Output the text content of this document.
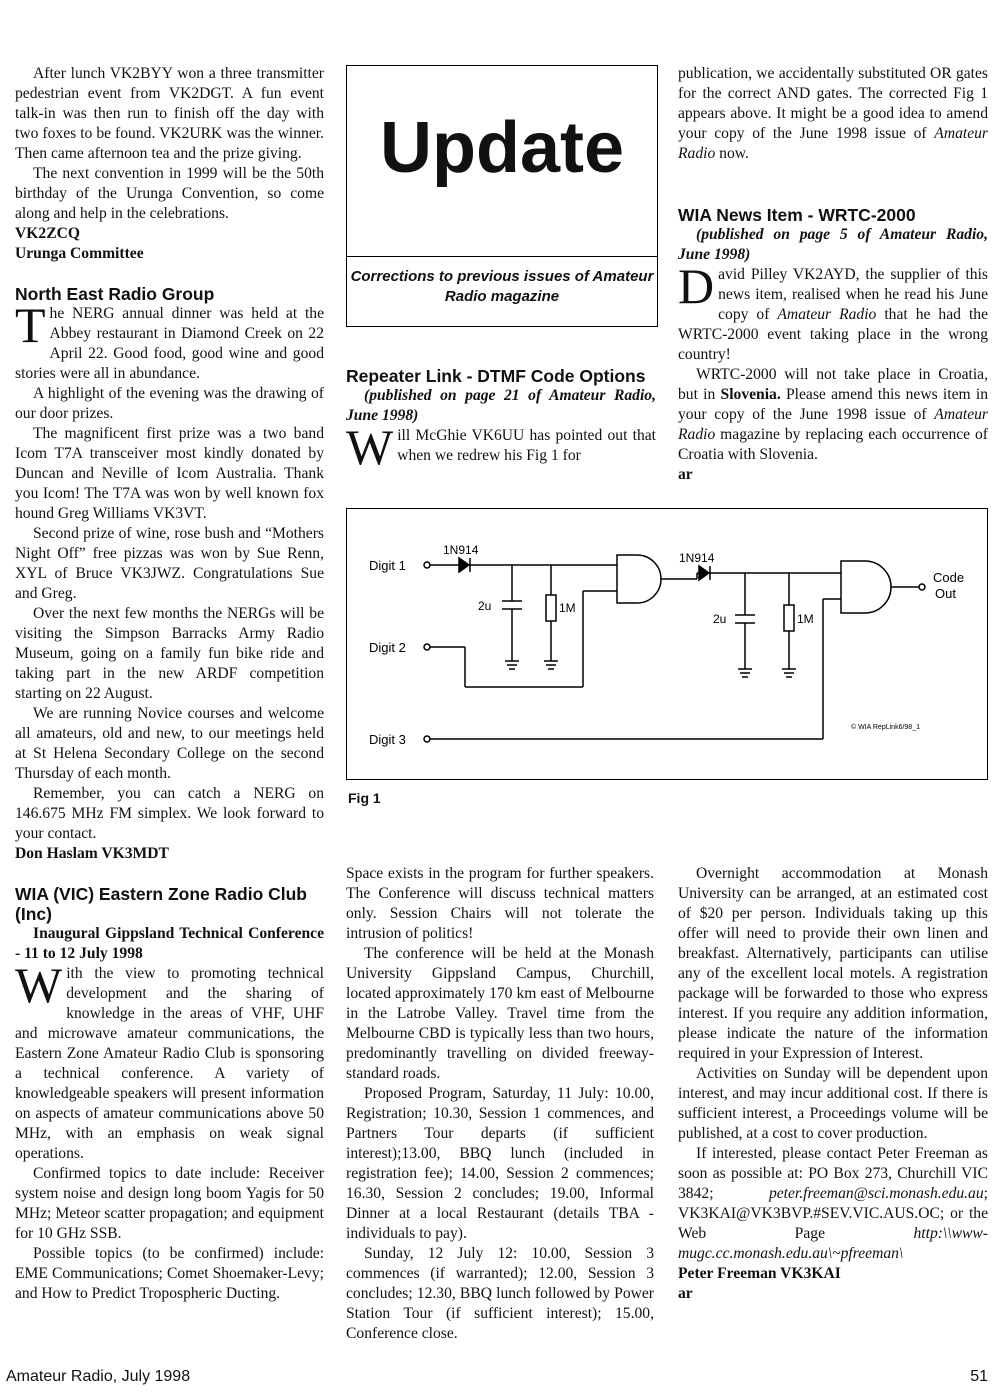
After lunch VK2BYY won a three transmitter pedestrian event from VK2DGT. A fun event talk-in was then run to finish off the day with two foxes to be found. VK2URK was the winner. Then came afternoon tea and the prize giving.

The next convention in 1999 will be the 50th birthday of the Urunga Convention, so come along and help in the celebrations.

VK2ZCQ

Urunga Committee

North East Radio Group

The NERG annual dinner was held at the Abbey restaurant in Diamond Creek on 22 April 22. Good food, good wine and good stories were all in abundance.

A highlight of the evening was the drawing of our door prizes.

The magnificent first prize was a two band Icom T7A transceiver most kindly donated by Duncan and Neville of Icom Australia. Thank you Icom! The T7A was won by well known fox hound Greg Williams VK3VT.

Second prize of wine, rose bush and “Mothers Night Off” free pizzas was won by Sue Renn, XYL of Bruce VK3JWZ. Congratulations Sue and Greg.

Over the next few months the NERGs will be visiting the Simpson Barracks Army Radio Museum, going on a family fun bike ride and taking part in the new ARDF competition starting on 22 August.

We are running Novice courses and welcome all amateurs, old and new, to our meetings held at St Helena Secondary College on the second Thursday of each month.

Remember, you can catch a NERG on 146.675 MHz FM simplex. We look forward to your contact.

Don Haslam VK3MDT

WIA (VIC) Eastern Zone Radio Club (Inc)

Inaugural Gippsland Technical Conference - 11 to 12 July 1998

With the view to promoting technical development and the sharing of knowledge in the areas of VHF, UHF and microwave amateur communications, the Eastern Zone Amateur Radio Club is sponsoring a technical conference. A variety of knowledgeable speakers will present information on aspects of amateur communications above 50 MHz, with an emphasis on weak signal operations.

Confirmed topics to date include: Receiver system noise and design long boom Yagis for 50 MHz; Meteor scatter propagation; and equipment for 10 GHz SSB.

Possible topics (to be confirmed) include: EME Communications; Comet Shoemaker-Levy; and How to Predict Tropospheric Ducting.

Update
Corrections to previous issues of Amateur Radio magazine
Repeater Link - DTMF Code Options

(published on page 21 of Amateur Radio, June 1998)

Will McGhie VK6UU has pointed out that when we redrew his Fig 1 for

publication, we accidentally substituted OR gates for the correct AND gates. The corrected Fig 1 appears above. It might be a good idea to amend your copy of the June 1998 issue of Amateur Radio now.

WIA News Item - WRTC-2000

(published on page 5 of Amateur Radio, June 1998)

David Pilley VK2AYD, the supplier of this news item, realised when he read his June copy of Amateur Radio that he had the WRTC-2000 event taking place in the wrong country!

WRTC-2000 will not take place in Croatia, but in Slovenia. Please amend this news item in your copy of the June 1998 issue of Amateur Radio magazine by replacing each occurrence of Croatia with Slovenia.

ar

Digit 1
Digit 2
Digit 3
1N914
1N914
2u	1M
2u	1M
Code
Out
© WIA RepLink6/98_1
Fig 1

Space exists in the program for further speakers. The Conference will discuss technical matters only. Session Chairs will not tolerate the intrusion of politics!

The conference will be held at the Monash University Gippsland Campus, Churchill, located approximately 170 km east of Melbourne in the Latrobe Valley. Travel time from the Melbourne CBD is typically less than two hours, predominantly travelling on divided freeway-standard roads.

Proposed Program, Saturday, 11 July: 10.00, Registration; 10.30, Session 1 commences, and Partners Tour departs (if sufficient interest);13.00, BBQ lunch (included in registration fee); 14.00, Session 2 commences; 16.30, Session 2 concludes; 19.00, Informal Dinner at a local Restaurant (details TBA - individuals to pay).

Sunday, 12 July 12: 10.00, Session 3 commences (if warranted); 12.00, Session 3 concludes; 12.30, BBQ lunch followed by Power Station Tour (if sufficient interest); 15.00, Conference close.

Overnight accommodation at Monash University can be arranged, at an estimated cost of $20 per person. Individuals taking up this offer will need to provide their own linen and breakfast. Alternatively, participants can utilise any of the excellent local motels. A registration package will be forwarded to those who express interest. If you require any addition information, please indicate the nature of the information required in your Expression of Interest.

Activities on Sunday will be dependent upon interest, and may incur additional cost. If there is sufficient interest, a Proceedings volume will be published, at a cost to cover production.

If interested, please contact Peter Freeman as soon as possible at: PO Box 273, Churchill VIC 3842; peter.freeman@sci.monash.edu.au; VK3KAI@VK3BVP.#SEV.VIC.AUS.OC; or the Web Page http:\\www-mugc.cc.monash.edu.au\~pfreeman\

Peter Freeman VK3KAI

ar

Amateur Radio, July 1998	51
